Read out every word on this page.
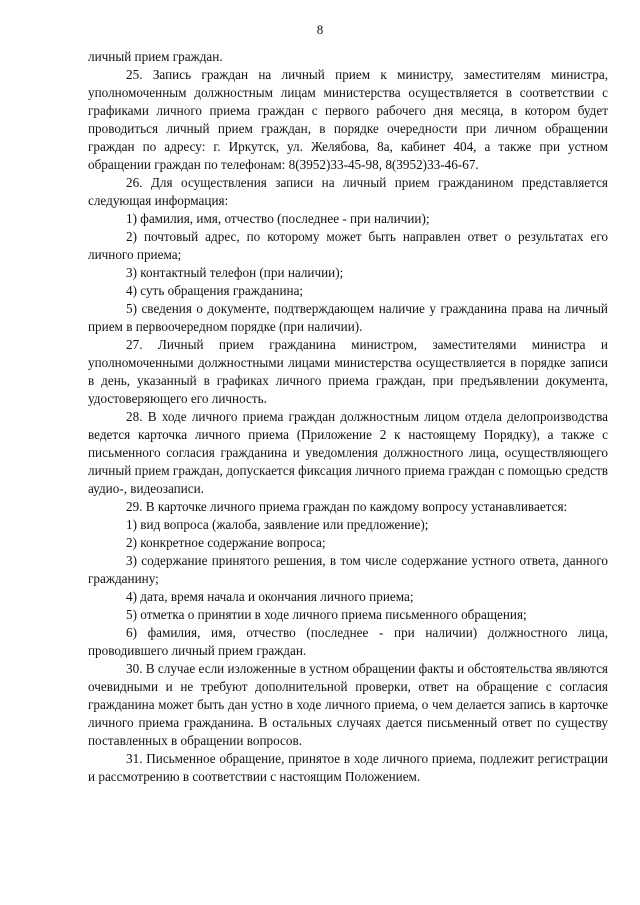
8

личный прием граждан.

25. Запись граждан на личный прием к министру, заместителям министра, уполномоченным должностным лицам министерства осуществляется в соответствии с графиками личного приема граждан с первого рабочего дня месяца, в котором будет проводиться личный прием граждан, в порядке очередности при личном обращении граждан по адресу: г. Иркутск, ул. Желябова, 8а, кабинет 404, а также при устном обращении граждан по телефонам: 8(3952)33-45-98, 8(3952)33-46-67.

26. Для осуществления записи на личный прием гражданином представляется следующая информация:

1) фамилия, имя, отчество (последнее - при наличии);

2) почтовый адрес, по которому может быть направлен ответ о результатах его личного приема;

3) контактный телефон (при наличии);

4) суть обращения гражданина;

5) сведения о документе, подтверждающем наличие у гражданина права на личный прием в первоочередном порядке (при наличии).

27. Личный прием гражданина министром, заместителями министра и уполномоченными должностными лицами министерства осуществляется в порядке записи в день, указанный в графиках личного приема граждан, при предъявлении документа, удостоверяющего его личность.

28. В ходе личного приема граждан должностным лицом отдела делопроизводства ведется карточка личного приема (Приложение 2 к настоящему Порядку), а также с письменного согласия гражданина и уведомления должностного лица, осуществляющего личный прием граждан, допускается фиксация личного приема граждан с помощью средств аудио-, видеозаписи.

29. В карточке личного приема граждан по каждому вопросу устанавливается:

1) вид вопроса (жалоба, заявление или предложение);

2) конкретное содержание вопроса;

3) содержание принятого решения, в том числе содержание устного ответа, данного гражданину;

4) дата, время начала и окончания личного приема;

5) отметка о принятии в ходе личного приема письменного обращения;

6) фамилия, имя, отчество (последнее - при наличии) должностного лица, проводившего личный прием граждан.

30. В случае если изложенные в устном обращении факты и обстоятельства являются очевидными и не требуют дополнительной проверки, ответ на обращение с согласия гражданина может быть дан устно в ходе личного приема, о чем делается запись в карточке личного приема гражданина. В остальных случаях дается письменный ответ по существу поставленных в обращении вопросов.

31. Письменное обращение, принятое в ходе личного приема, подлежит регистрации и рассмотрению в соответствии с настоящим Положением.
